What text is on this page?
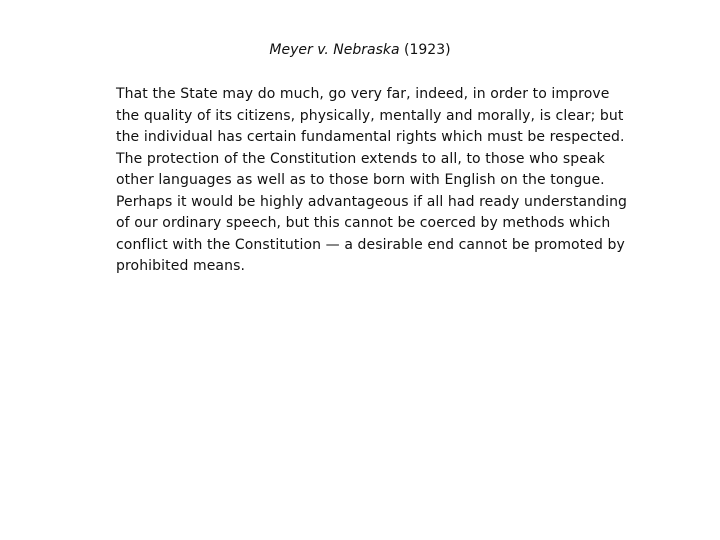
Meyer v. Nebraska (1923)
That the State may do much, go very far, indeed, in order to improve
the quality of its citizens, physically, mentally and morally, is clear; but
the individual has certain fundamental rights which must be respected.
The protection of the Constitution extends to all, to those who speak
other languages as well as to those born with English on the tongue.
Perhaps it would be highly advantageous if all had ready understanding
of our ordinary speech, but this cannot be coerced by methods which
conflict with the Constitution — a desirable end cannot be promoted by
prohibited means.
